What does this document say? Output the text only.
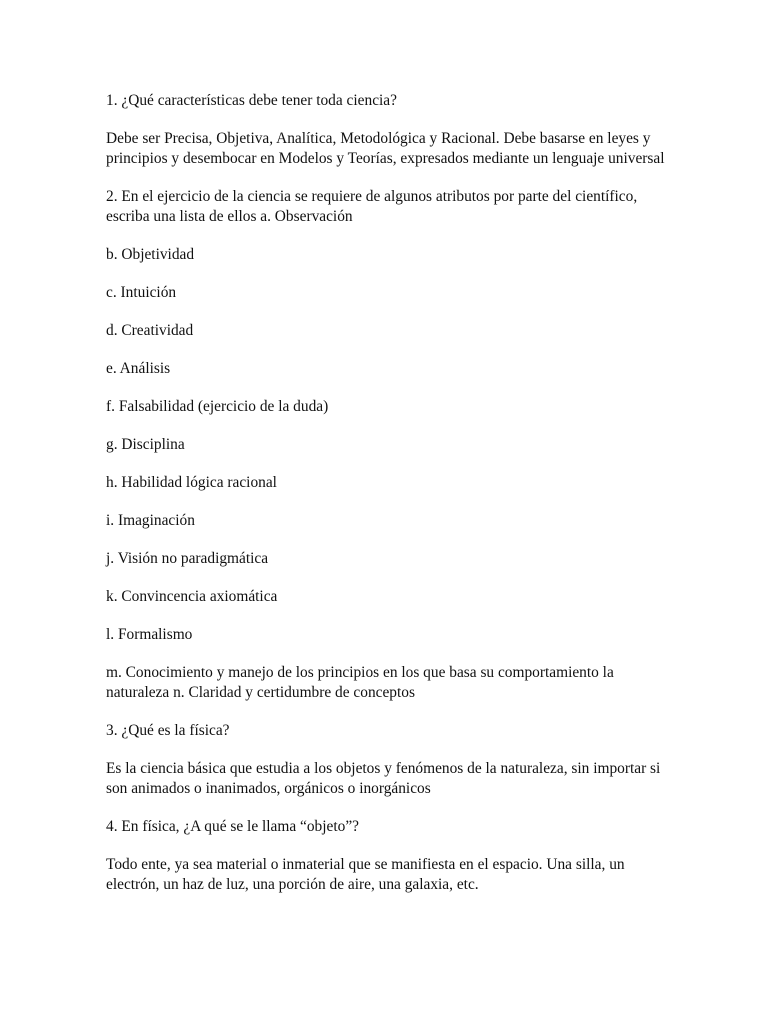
1. ¿Qué características debe tener toda ciencia?

Debe ser Precisa, Objetiva, Analítica, Metodológica y Racional. Debe basarse en leyes y principios y desembocar en Modelos y Teorías, expresados mediante un lenguaje universal

2. En el ejercicio de la ciencia se requiere de algunos atributos por parte del científico, escriba una lista de ellos a. Observación

b. Objetividad

c. Intuición

d. Creatividad

e. Análisis

f. Falsabilidad (ejercicio de la duda)

g. Disciplina

h. Habilidad lógica racional

i. Imaginación

j. Visión no paradigmática

k. Convincencia axiomática

l. Formalismo

m. Conocimiento y manejo de los principios en los que basa su comportamiento la naturaleza n. Claridad y certidumbre de conceptos

3. ¿Qué es la física?

Es la ciencia básica que estudia a los objetos y fenómenos de la naturaleza, sin importar si son animados o inanimados, orgánicos o inorgánicos

4. En física, ¿A qué se le llama “objeto”?

Todo ente, ya sea material o inmaterial que se manifiesta en el espacio. Una silla, un electrón, un haz de luz, una porción de aire, una galaxia, etc.
